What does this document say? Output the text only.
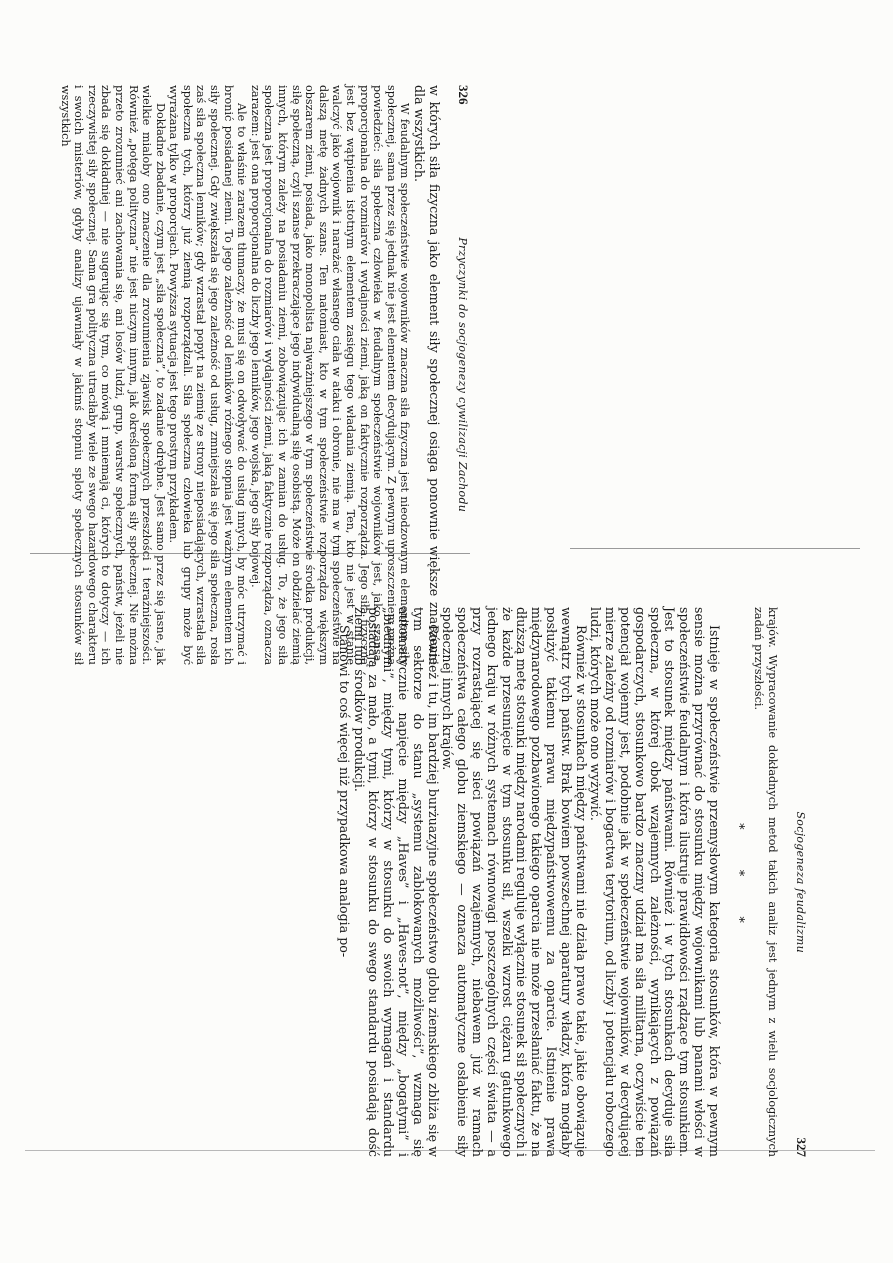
326
Przyczynki do socjogenezy cywilizacji Zachodu

w których siła fizyczna jako element siły społecznej osiąga ponownie większe znaczenie dla wszystkich.

W feudalnym społeczeństwie wojowników znaczna siła fizyczna jest nieodzownym elementem siły społecznej, sama przez się jednak nie jest elementem decydującym. Z pewnym uproszczeniem można powiedzieć: siła społeczna człowieka w feudalnym społeczeństwie wojowników jest, jako szansa, proporcjonalna do rozmiarów i wydajności ziemi, jaką on faktycznie rozporządza. Jego siła fizyczna jest bez wątpienia istotnym elementem zasięgu tego władania ziemią. Ten, kto nie jest w stanie walczyć jako wojownik i narażać własnego ciała w ataku i obronie, nie ma w tym społeczeństwie na dalszą metę żadnych szans. Ten natomiast, kto w tym społeczeństwie rozporządza większym obszarem ziemi, posiada, jako monopolista najważniejszego w tym społeczeństwie środka produkcji, siłę społeczną, czyli szanse przekraczające jego indywidualną siłę osobistą. Może on obdzielać ziemią innych, którym zależy na posiadaniu ziemi, zobowiązując ich w zamian do usług. To, że jego siła społeczna jest proporcjonalna do rozmiarów i wydajności ziemi, jaką faktycznie rozporządza, oznacza zarazem: jest ona proporcjonalna do liczby jego lenników, jego wojska, jego siły bojowej.

Ale to właśnie zarazem tłumaczy, że musi się on odwoływać do usług innych, by móc utrzymać i bronić posiadanej ziemi. To jego zależność od lenników różnego stopnia jest ważnym elementem ich siły społecznej. Gdy zwiększała się jego zależność od usług, zmniejszała się jego siła społeczna, rosła zaś siła społeczna lenników; gdy wzrastał popyt na ziemię ze strony nieposiadających, wzrastała siła społeczna tych, którzy już ziemią rozporządzali. Siła społeczna człowieka lub grupy może być wyrażana tylko w proporcjach. Powyższa sytuacja jest tego prostym przykładem.

Dokładne zbadanie, czym jest „siła społeczna”, to zadanie odrębne. Jest samo przez się jasne, jak wielkie mialoby ono znaczenie dla zrozumienia zjawisk społecznych przeszłości i teraźniejszości. Również „potęga polityczna” nie jest niczym innym, jak określoną formą siły społecznej. Nie można przeto zrozumieć ani zachowania się, ani losów ludzi, grup, warstw społecznych, państw, jeżeli nie zbada się dokładniej — nie sugerując się tym, co mówią i mniemają ci, których to dotyczy — ich rzeczywistej siły społecznej. Sama gra polityczna utraciłaby wiele ze swego hazardowego charakteru i swoich misteriów, gdyby analizy ujawniały w jakimś stopniu sploty społecznych stosunków sił wszystkich

Socjogeneza feudalizmu
327

krajów. Wypracowanie dokładnych metod takich analiz jest jednym z wielu socjologicznych zadań przyszłości.

* * *

Istnieje w społeczeństwie przemysłowym kategoria stosunków, która w pewnym sensie można przyrównać do stosunku między wojownikami lub panami włości w społeczeństwie feudalnym i która ilustruje prawidłowości rządzące tym stosunkiem. Jest to stosunek między państwami. Również i w tych stosunkach decyduje siła społeczna, w której obok wzajemnych zależności, wynikających z powiązań gospodarczych, stosunkowo bardzo znaczny udział ma siła militarna, oczywiście ten potencjał wojenny jest, podobnie jak w społeczeństwie wojowników, w decydującej mierze zależny od rozmiarów i bogactwa terytorium, od liczby i potencjału roboczego ludzi, których może ono wyżywić.

Również w stosunkach między państwami nie działa prawo takie, jakie obowiązuje wewnątrz tych państw. Brak bowiem powszechnej aparatury władzy, która mogłaby posłużyć takiemu prawu międzypaństwowemu za oparcie. Istnienie prawa międzynarodowego pozbawionego takiego oparcia nie może przesłaniać faktu, że na dłuższą metę stosunki między narodami reguluje wyłącznie stosunek sił społecznych i że każde przesunięcie w tym stosunku sił, wszelki wzrost ciężaru gatunkowego jednego kraju w różnych systemach równowagi poszczególnych części świata — a przy rozrastającej się sieci powiązań wzajemnych, niebawem już w ramach społeczeństwa całego globu ziemskiego — oznacza automatyczne osłabienie siły społecznej innych krajów.

Również i tu, im bardziej burżuazyjne społeczeństwo globu ziemskiego zbliża się w tym sektorze do stanu „systemu zablokowanych możliwości”, wzmaga się automatycznie napięcie między „Haves” i „Haves-not”, między „bogatymi” i „biednymi”, między tymi, którzy w stosunku do swoich wymagań i standardu posiadają za mało, a tymi, którzy w stosunku do swego standardu posiadają dość ziemi lub środków produkcji.

Stanowi to coś więcej niż przypadkowa analogia po-
